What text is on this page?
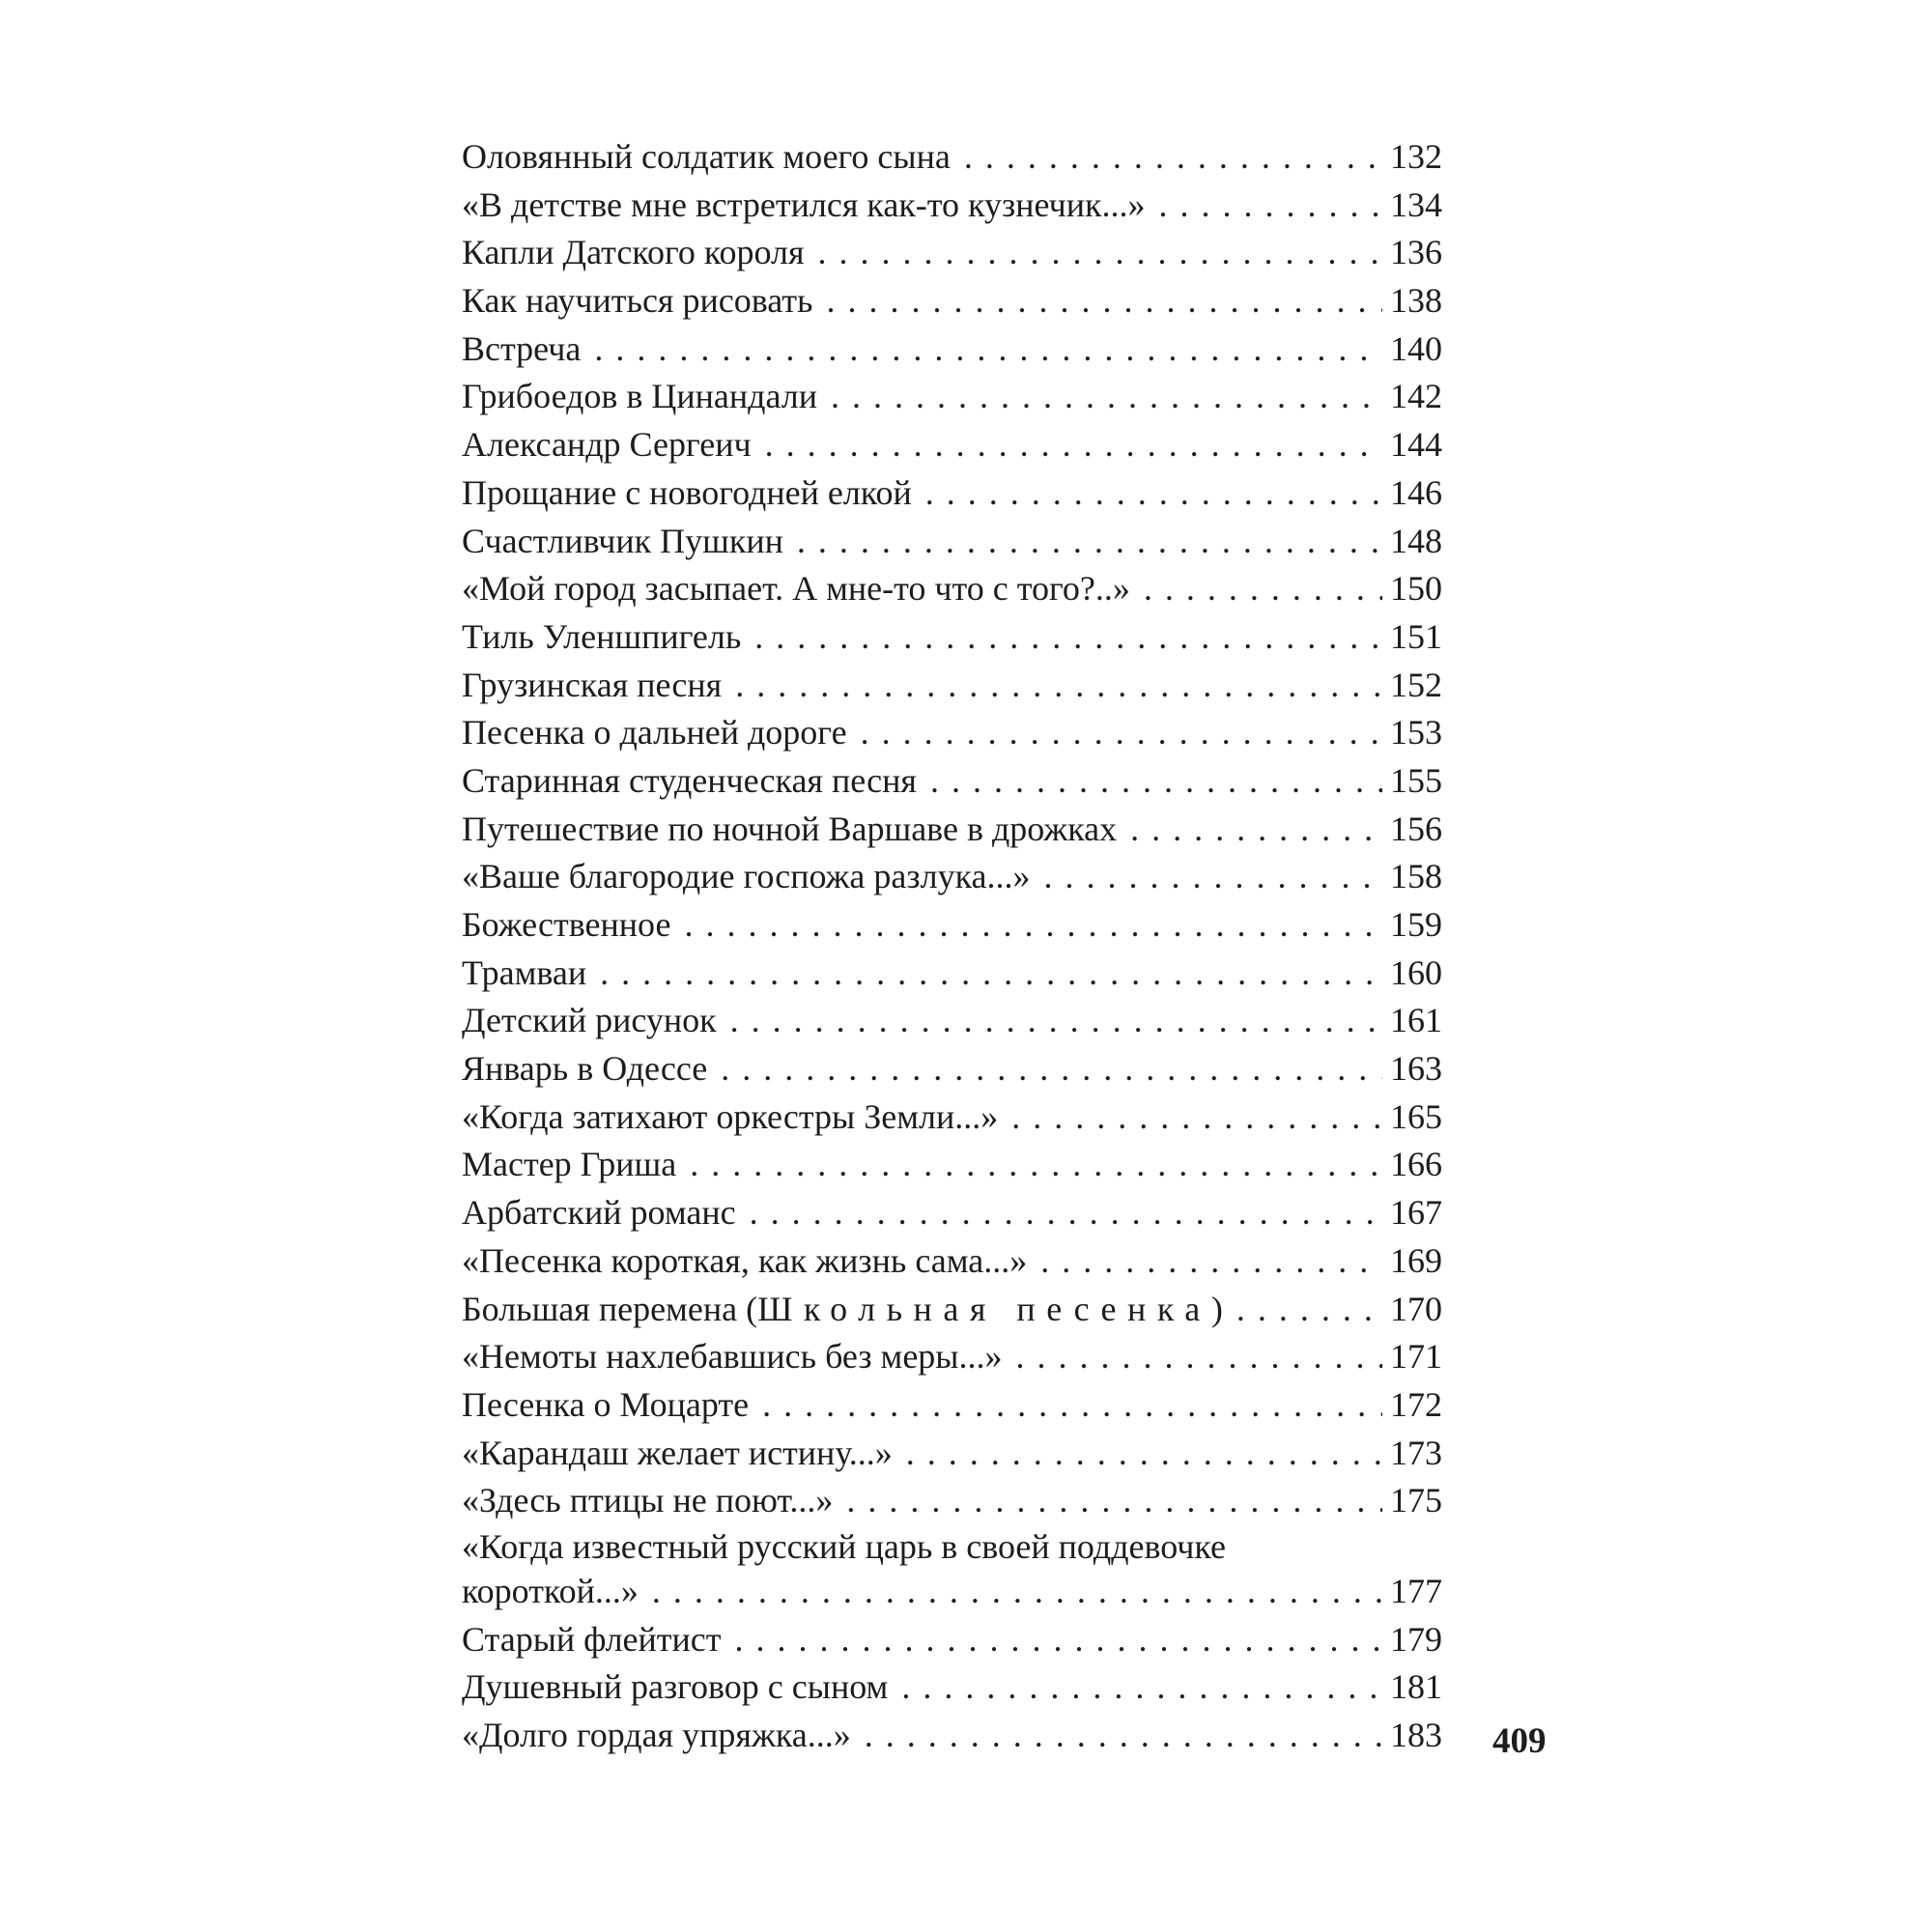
Оловянный солдатик моего сына . . .	132
«В детстве мне встретился как-то кузнечик...» . . .	134
Капли Датского короля . . .	136
Как научиться рисовать . . .	138
Встреча . . .	140
Грибоедов в Цинандали . . .	142
Александр Сергеич . . .	144
Прощание с новогодней елкой . . .	146
Счастливчик Пушкин . . .	148
«Мой город засыпает. А мне-то что с того?..» . . .	150
Тиль Уленшпигель . . .	151
Грузинская песня . . .	152
Песенка о дальней дороге . . .	153
Старинная студенческая песня . . .	155
Путешествие по ночной Варшаве в дрожках . . .	156
«Ваше благородие госпожа разлука...» . . .	158
Божественное . . .	159
Трамваи . . .	160
Детский рисунок . . .	161
Январь в Одессе . . .	163
«Когда затихают оркестры Земли...» . . .	165
Мастер Гриша . . .	166
Арбатский романс . . .	167
«Песенка короткая, как жизнь сама...» . . .	169
Большая перемена (Школьная песенка) . . .	170
«Немоты нахлебавшись без меры...» . . .	171
Песенка о Моцарте . . .	172
«Карандаш желает истину...» . . .	173
«Здесь птицы не поют...» . . .	175
«Когда известный русский царь в своей поддевочке
короткой...» . . .	177
Старый флейтист . . .	179
Душевный разговор с сыном . . .	181
«Долго гордая упряжка...» . . .	183 409
